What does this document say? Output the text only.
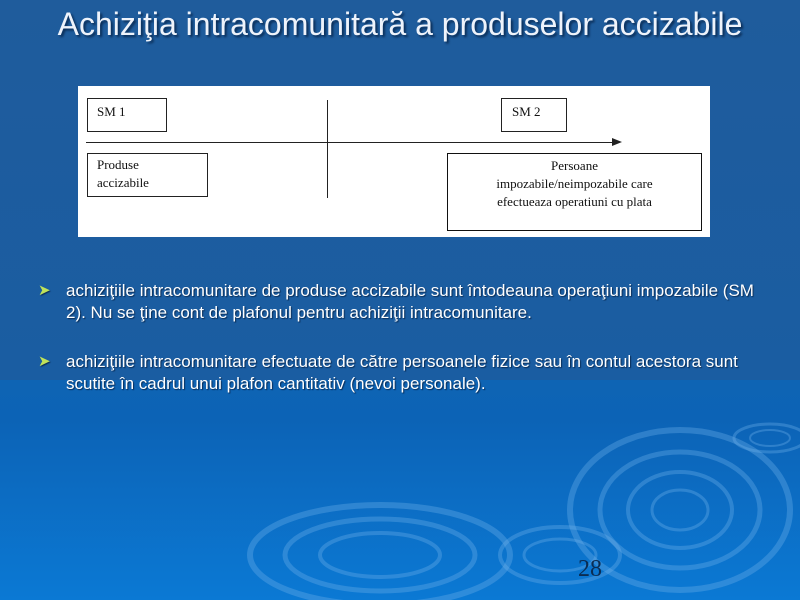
Achiziţia intracomunitară a produselor accizabile
SM 1	SM 2
Produse
accizabile
Persoane
impozabile/neimpozabile care
efectueaza operatiuni cu plata
➤ achiziţiile intracomunitare de produse accizabile sunt întodeauna operaţiuni impozabile (SM 2). Nu se ţine cont de plafonul pentru achiziţii intracomunitare.
➤ achiziţiile intracomunitare efectuate de către persoanele fizice sau în contul acestora sunt scutite în cadrul unui plafon cantitativ (nevoi personale).
28
